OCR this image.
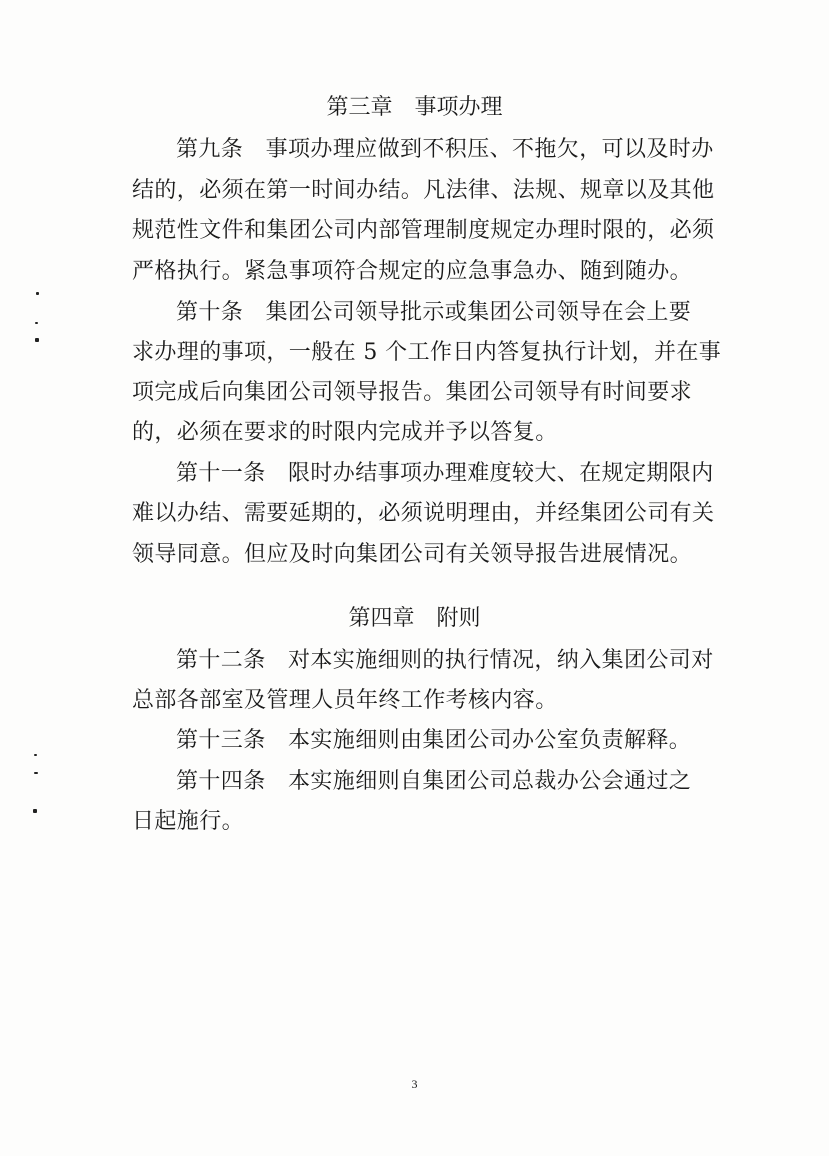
第三章　事项办理
第九条　事项办理应做到不积压、不拖欠，可以及时办
结的，必须在第一时间办结。凡法律、法规、规章以及其他
规范性文件和集团公司内部管理制度规定办理时限的，必须
严格执行。紧急事项符合规定的应急事急办、随到随办。
第十条　集团公司领导批示或集团公司领导在会上要
求办理的事项，一般在 5 个工作日内答复执行计划，并在事
项完成后向集团公司领导报告。集团公司领导有时间要求
的，必须在要求的时限内完成并予以答复。
第十一条　限时办结事项办理难度较大、在规定期限内
难以办结、需要延期的，必须说明理由，并经集团公司有关
领导同意。但应及时向集团公司有关领导报告进展情况。
第四章　附则
第十二条　对本实施细则的执行情况，纳入集团公司对
总部各部室及管理人员年终工作考核内容。
第十三条　本实施细则由集团公司办公室负责解释。
第十四条　本实施细则自集团公司总裁办公会通过之
日起施行。
3
